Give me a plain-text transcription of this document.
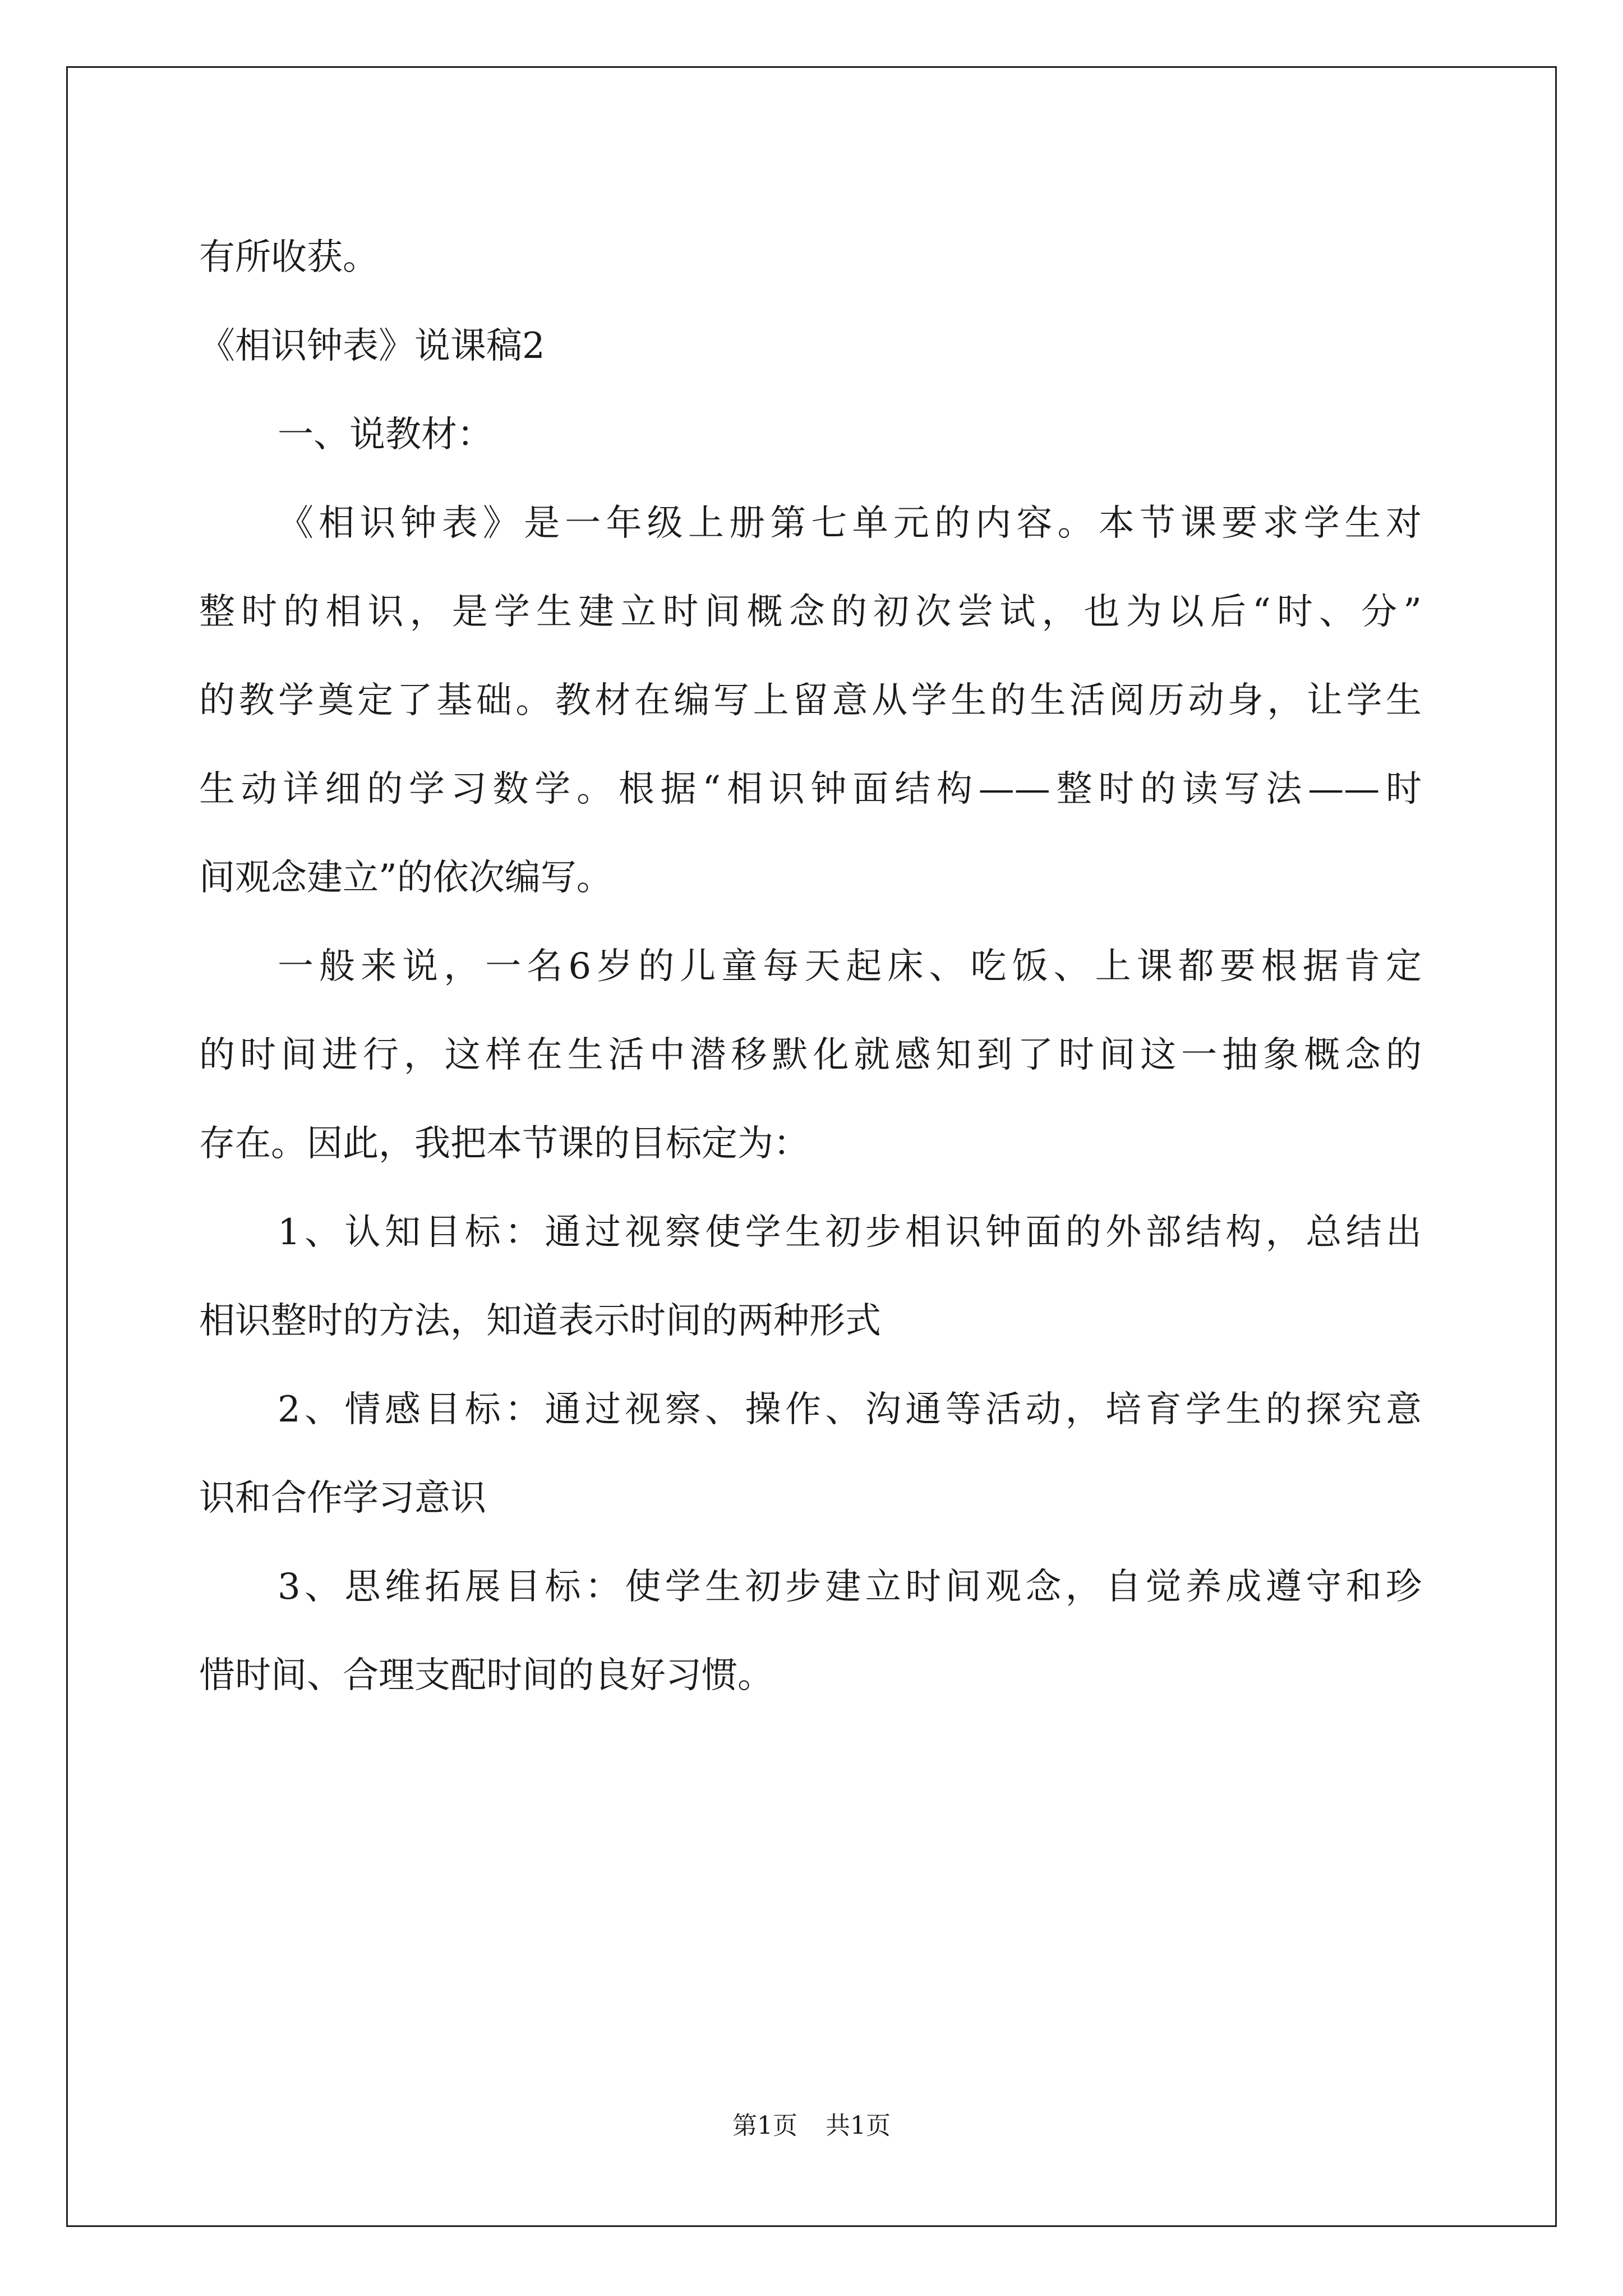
有所收获。
《相识钟表》说课稿2
一、说教材：
《相识钟表》是一年级上册第七单元的内容。本节课要求学生对
整时的相识，是学生建立时间概念的初次尝试，也为以后“时、分”
的教学奠定了基础。教材在编写上留意从学生的生活阅历动身，让学生
生动详细的学习数学。根据“相识钟面结构——整时的读写法——时
间观念建立”的依次编写。
一般来说，一名6岁的儿童每天起床、吃饭、上课都要根据肯定
的时间进行，这样在生活中潜移默化就感知到了时间这一抽象概念的
存在。因此，我把本节课的目标定为：
1、认知目标：通过视察使学生初步相识钟面的外部结构，总结出
相识整时的方法，知道表示时间的两种形式
2、情感目标：通过视察、操作、沟通等活动，培育学生的探究意
识和合作学习意识
3、思维拓展目标：使学生初步建立时间观念，自觉养成遵守和珍
惜时间、合理支配时间的良好习惯。
第1页 共1页
